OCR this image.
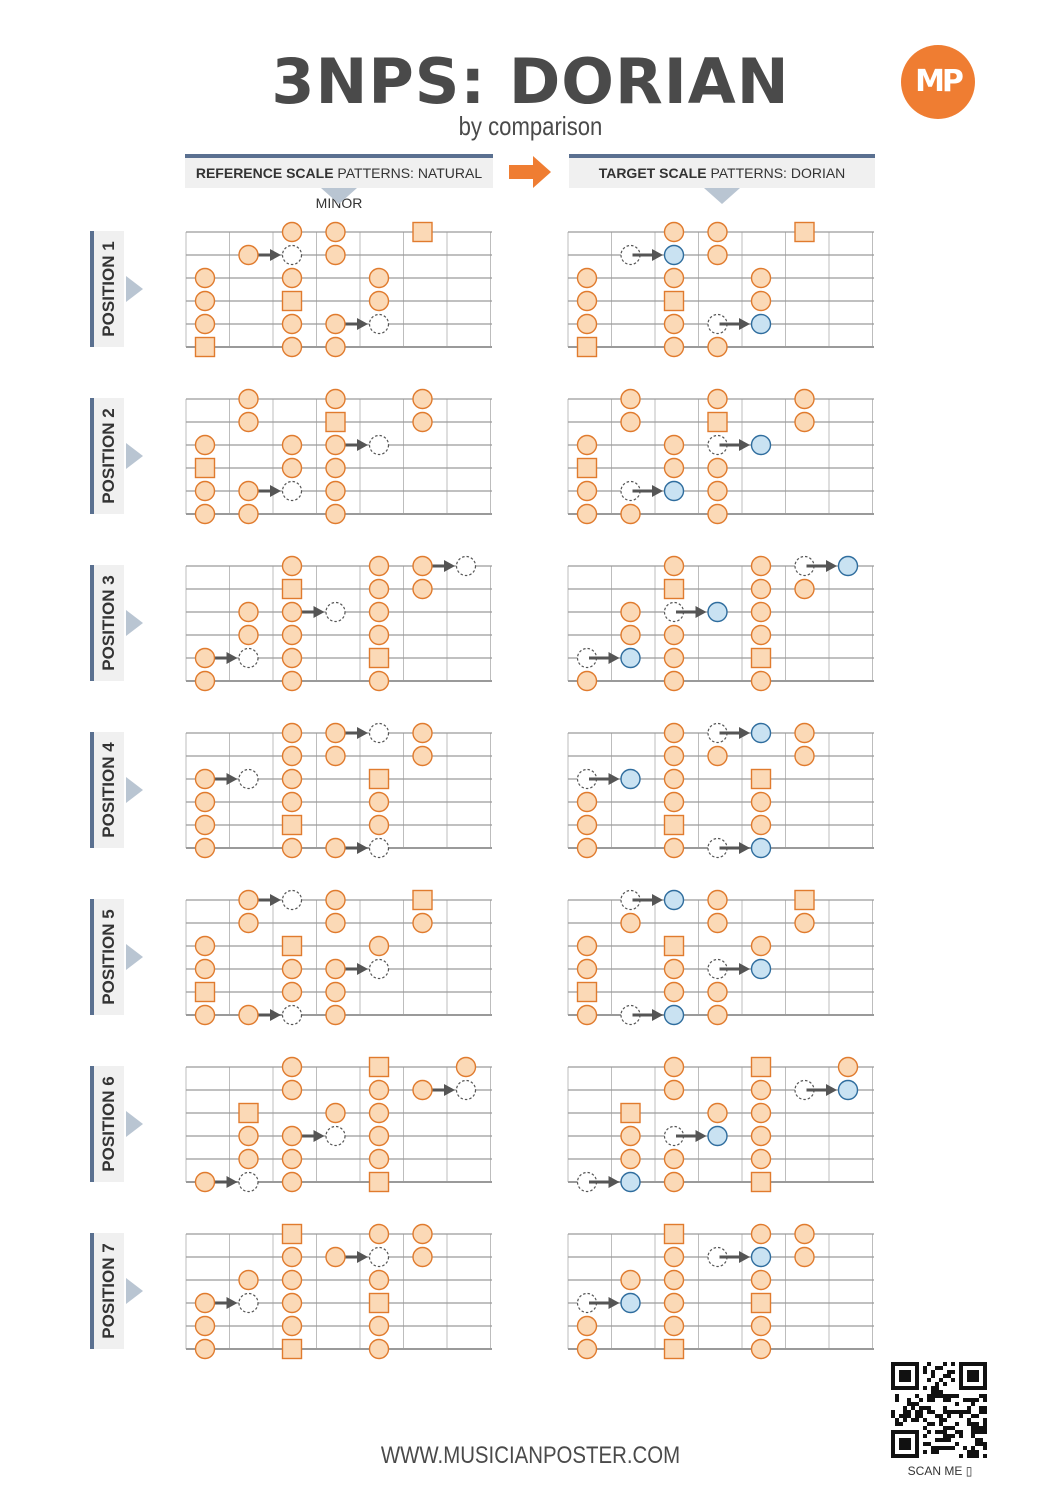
3NPS: DORIAN
by comparison
MP
REFERENCE SCALE PATTERNS: NATURAL MINOR
TARGET SCALE PATTERNS: DORIAN
WWW.MUSICIANPOSTER.COM
SCAN ME ▯
POSITION 1
POSITION 2
POSITION 3
POSITION 4
POSITION 5
POSITION 6
POSITION 7
